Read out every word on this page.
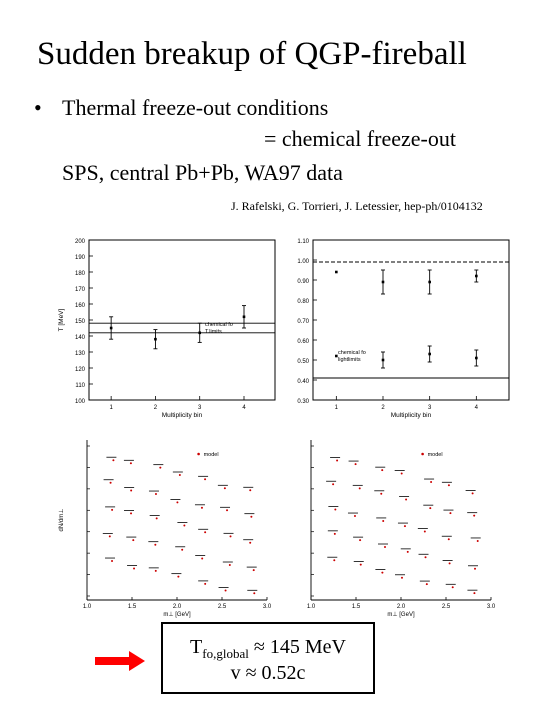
Sudden breakup of QGP-fireball
• Thermal freeze-out conditions
= chemical freeze-out
SPS, central Pb+Pb, WA97 data
J. Rafelski, G. Torrieri, J. Letessier, hep-ph/0104132
200
190
180
170
160
150
140
130
120
110
100
1	2	3	4
Multiplicity bin
T [MeV]	chemical fo
T.limits
1.10
1.00
0.90
0.80
0.70
0.60
0.50
0.40
0.30
1	2	3	4
Multiplicity bin
chemical fo
lightlimits
1.0	1.5	2.0	2.5	3.0
m⊥ [GeV]
dN/dm⊥
model
1.0	1.5	2.0	2.5	3.0
m⊥ [GeV]
model
$T_{fo,global} \approx 145$ MeV
v ≈ 0.52c
